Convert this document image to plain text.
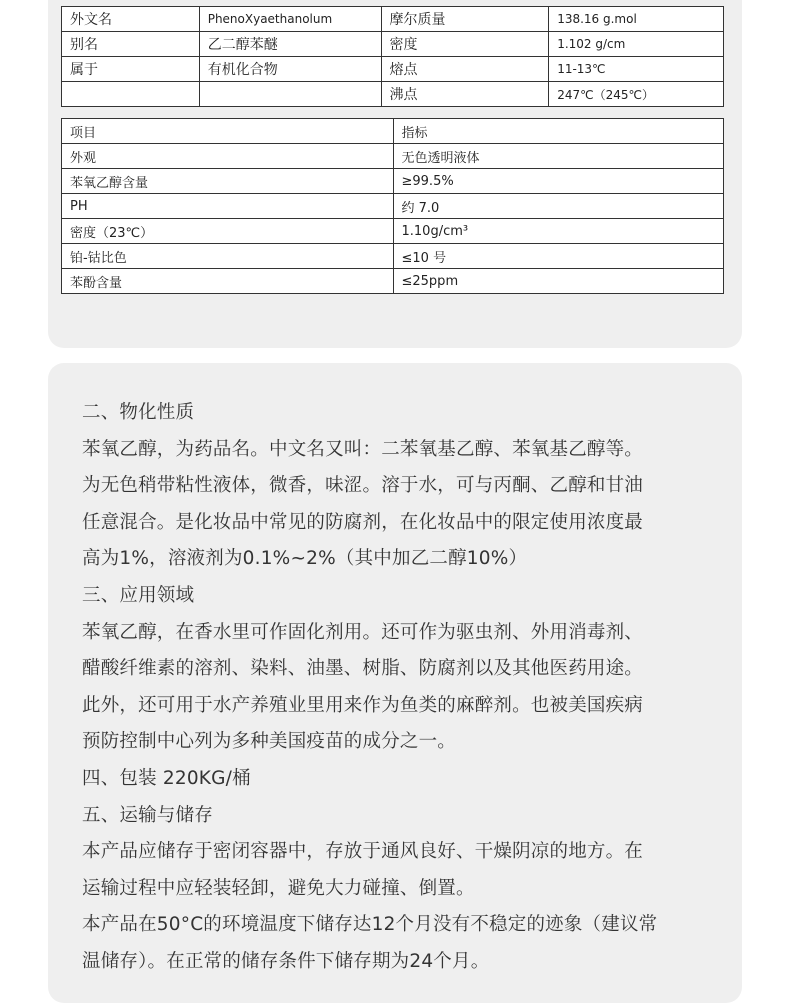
外文名	PhenoXyaethanolum	摩尔质量	138.16 g.mol
别名	乙二醇苯醚	密度	1.102 g/cm
属于	有机化合物	熔点	11-13℃
		沸点	247℃（245℃）
项目	指标
外观	无色透明液体
苯氧乙醇含量	≥99.5%
PH	约 7.0
密度（23℃）	1.10g/cm³
铂-钴比色	≤10 号
苯酚含量	≤25ppm

二、物化性质

苯氧乙醇，为药品名。中文名又叫：二苯氧基乙醇、苯氧基乙醇等。

为无色稍带粘性液体，微香，味涩。溶于水，可与丙酮、乙醇和甘油

任意混合。是化妆品中常见的防腐剂，在化妆品中的限定使用浓度最

高为1%，溶液剂为0.1%~2%（其中加乙二醇10%）

三、应用领域

苯氧乙醇，在香水里可作固化剂用。还可作为驱虫剂、外用消毒剂、

醋酸纤维素的溶剂、染料、油墨、树脂、防腐剂以及其他医药用途。

此外，还可用于水产养殖业里用来作为鱼类的麻醉剂。也被美国疾病

预防控制中心列为多种美国疫苗的成分之一。

四、包装 220KG/桶

五、运输与储存

本产品应储存于密闭容器中，存放于通风良好、干燥阴凉的地方。在

运输过程中应轻装轻卸，避免大力碰撞、倒置。

本产品在50°C的环境温度下储存达12个月没有不稳定的迹象（建议常

温储存）。在正常的储存条件下储存期为24个月。
